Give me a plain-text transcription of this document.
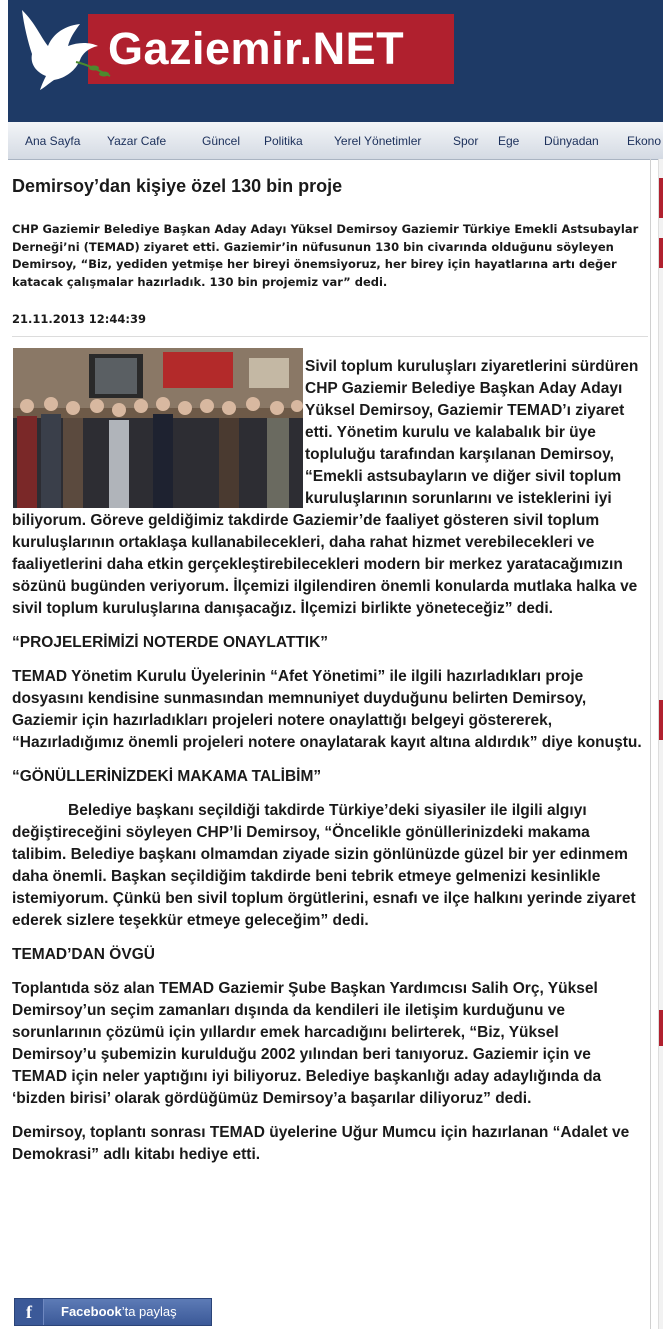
Gaziemir.NET
Ana Sayfa Yazar Cafe	Güncel Politika	Yerel Yönetimler	Spor Ege Dünyadan Ekono
Demirsoy’dan kişiye özel 130 bin proje

CHP Gaziemir Belediye Başkan Aday Adayı Yüksel Demirsoy Gaziemir Türkiye Emekli Astsubaylar Derneği’ni (TEMAD) ziyaret etti. Gaziemir’in nüfusunun 130 bin civarında olduğunu söyleyen Demirsoy, “Biz, yediden yetmişe her bireyi önemsiyoruz, her birey için hayatlarına artı değer katacak çalışmalar hazırladık. 130 bin projemiz var” dedi.

21.11.2013 12:44:39

Sivil toplum kuruluşları ziyaretlerini sürdüren CHP Gaziemir Belediye Başkan Aday Adayı Yüksel Demirsoy, Gaziemir TEMAD’ı ziyaret etti. Yönetim kurulu ve kalabalık bir üye topluluğu tarafından karşılanan Demirsoy, “Emekli astsubayların ve diğer sivil toplum kuruluşlarının sorunlarını ve isteklerini iyi biliyorum. Göreve geldiğimiz takdirde Gaziemir’de faaliyet gösteren sivil toplum kuruluşlarının ortaklaşa kullanabilecekleri, daha rahat hizmet verebilecekleri ve faaliyetlerini daha etkin gerçekleştirebilecekleri modern bir merkez yaratacağımızın sözünü bugünden veriyorum. İlçemizi ilgilendiren önemli konularda mutlaka halka ve sivil toplum kuruluşlarına danışacağız. İlçemizi birlikte yöneteceğiz” dedi.

“PROJELERİMİZİ NOTERDE ONAYLATTIK”

TEMAD Yönetim Kurulu Üyelerinin “Afet Yönetimi” ile ilgili hazırladıkları proje dosyasını kendisine sunmasından memnuniyet duyduğunu belirten Demirsoy, Gaziemir için hazırladıkları projeleri notere onaylattığı belgeyi göstererek, “Hazırladığımız önemli projeleri notere onaylatarak kayıt altına aldırdık” diye konuştu.

“GÖNÜLLERİNİZDEKİ MAKAMA TALİBİM”

Belediye başkanı seçildiği takdirde Türkiye’deki siyasiler ile ilgili algıyı değiştireceğini söyleyen CHP’li Demirsoy, “Öncelikle gönüllerinizdeki makama talibim. Belediye başkanı olmamdan ziyade sizin gönlünüzde güzel bir yer edinmem daha önemli. Başkan seçildiğim takdirde beni tebrik etmeye gelmenizi kesinlikle istemiyorum. Çünkü ben sivil toplum örgütlerini, esnafı ve ilçe halkını yerinde ziyaret ederek sizlere teşekkür etmeye geleceğim” dedi.

TEMAD’DAN ÖVGÜ

Toplantıda söz alan TEMAD Gaziemir Şube Başkan Yardımcısı Salih Orç, Yüksel Demirsoy’un seçim zamanları dışında da kendileri ile iletişim kurduğunu ve sorunlarının çözümü için yıllardır emek harcadığını belirterek, “Biz, Yüksel Demirsoy’u şubemizin kurulduğu 2002 yılından beri tanıyoruz. Gaziemir için ve TEMAD için neler yaptığını iyi biliyoruz. Belediye başkanlığı aday adaylığında da ‘bizden birisi’ olarak gördüğümüz Demirsoy’a başarılar diliyoruz” dedi.

Demirsoy, toplantı sonrası TEMAD üyelerine Uğur Mumcu için hazırlanan “Adalet ve Demokrasi” adlı kitabı hediye etti.

f	Facebook’ta paylaş
